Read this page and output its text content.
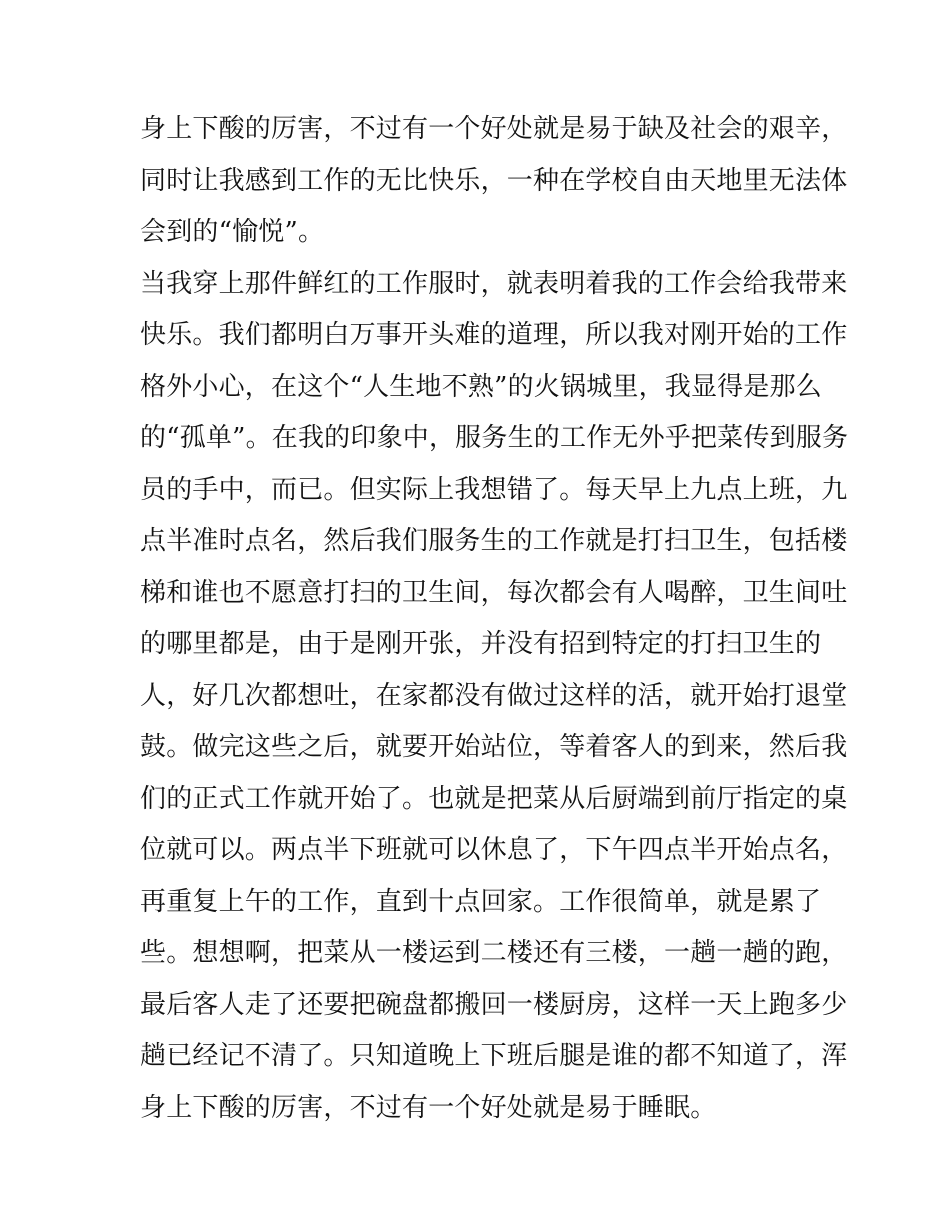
身上下酸的厉害，不过有一个好处就是易于缺及社会的艰辛，
同时让我感到工作的无比快乐，一种在学校自由天地里无法体
会到的“愉悦”。
当我穿上那件鲜红的工作服时，就表明着我的工作会给我带来
快乐。我们都明白万事开头难的道理，所以我对刚开始的工作
格外小心，在这个“人生地不熟”的火锅城里，我显得是那么
的“孤单”。在我的印象中，服务生的工作无外乎把菜传到服务
员的手中，而已。但实际上我想错了。每天早上九点上班，九
点半准时点名，然后我们服务生的工作就是打扫卫生，包括楼
梯和谁也不愿意打扫的卫生间，每次都会有人喝醉，卫生间吐
的哪里都是，由于是刚开张，并没有招到特定的打扫卫生的
人，好几次都想吐，在家都没有做过这样的活，就开始打退堂
鼓。做完这些之后，就要开始站位，等着客人的到来，然后我
们的正式工作就开始了。也就是把菜从后厨端到前厅指定的桌
位就可以。两点半下班就可以休息了，下午四点半开始点名，
再重复上午的工作，直到十点回家。工作很简单，就是累了
些。想想啊，把菜从一楼运到二楼还有三楼，一趟一趟的跑，
最后客人走了还要把碗盘都搬回一楼厨房，这样一天上跑多少
趟已经记不清了。只知道晚上下班后腿是谁的都不知道了，浑
身上下酸的厉害，不过有一个好处就是易于睡眠。
